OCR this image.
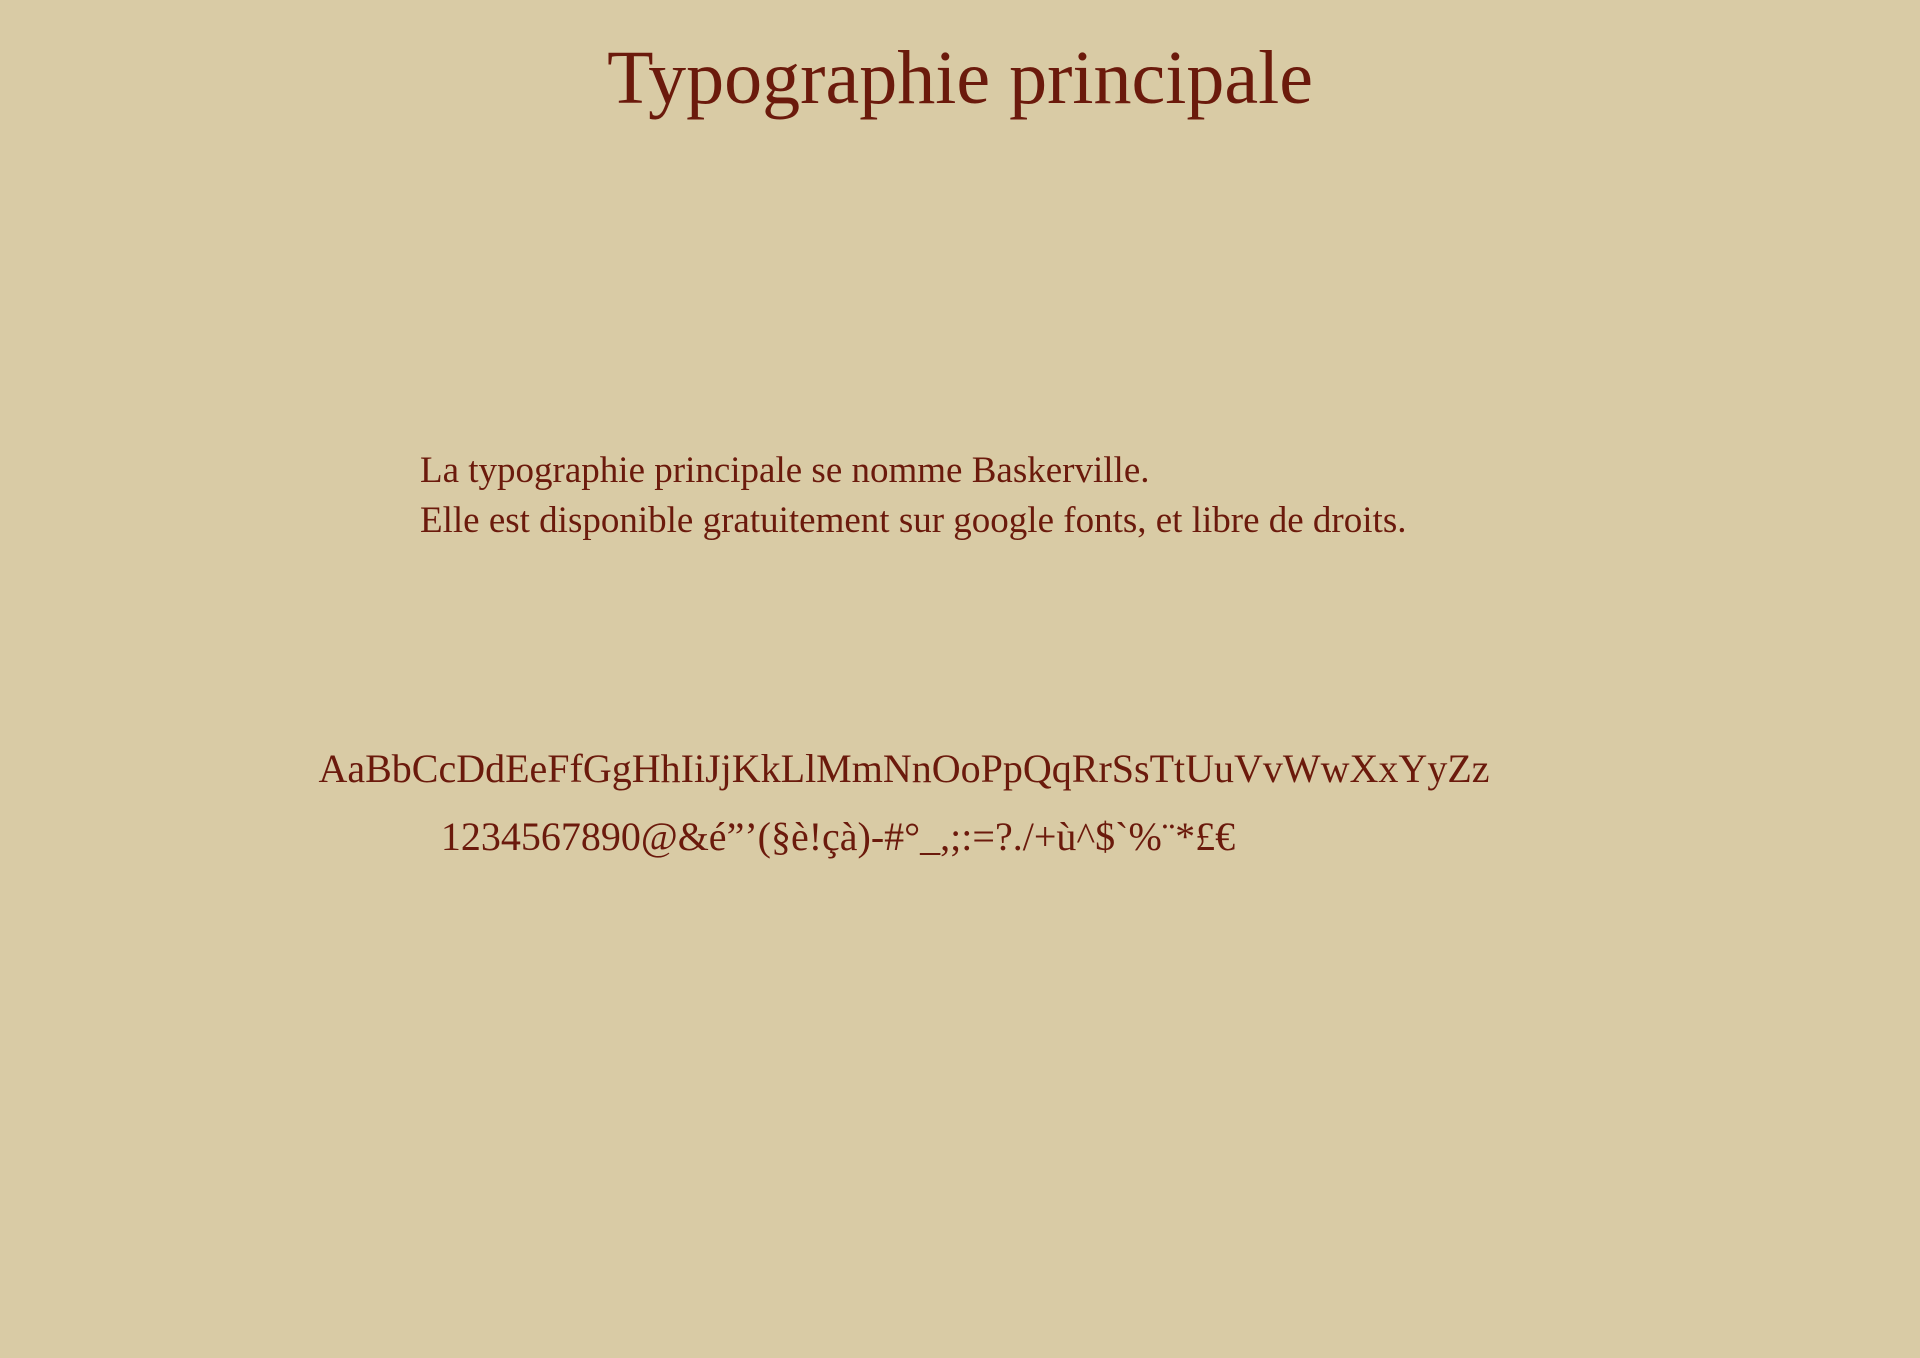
Typographie principale
La typographie principale se nomme Baskerville.
Elle est disponible gratuitement sur google fonts, et libre de droits.
AaBbCcDdEeFfGgHhIiJjKkLlMmNnOoPpQqRrSsTtUuVvWwXxYyZz
1234567890@&é”’(§è!çà)-#°_,;:=?./+ù^$`%¨*£€
